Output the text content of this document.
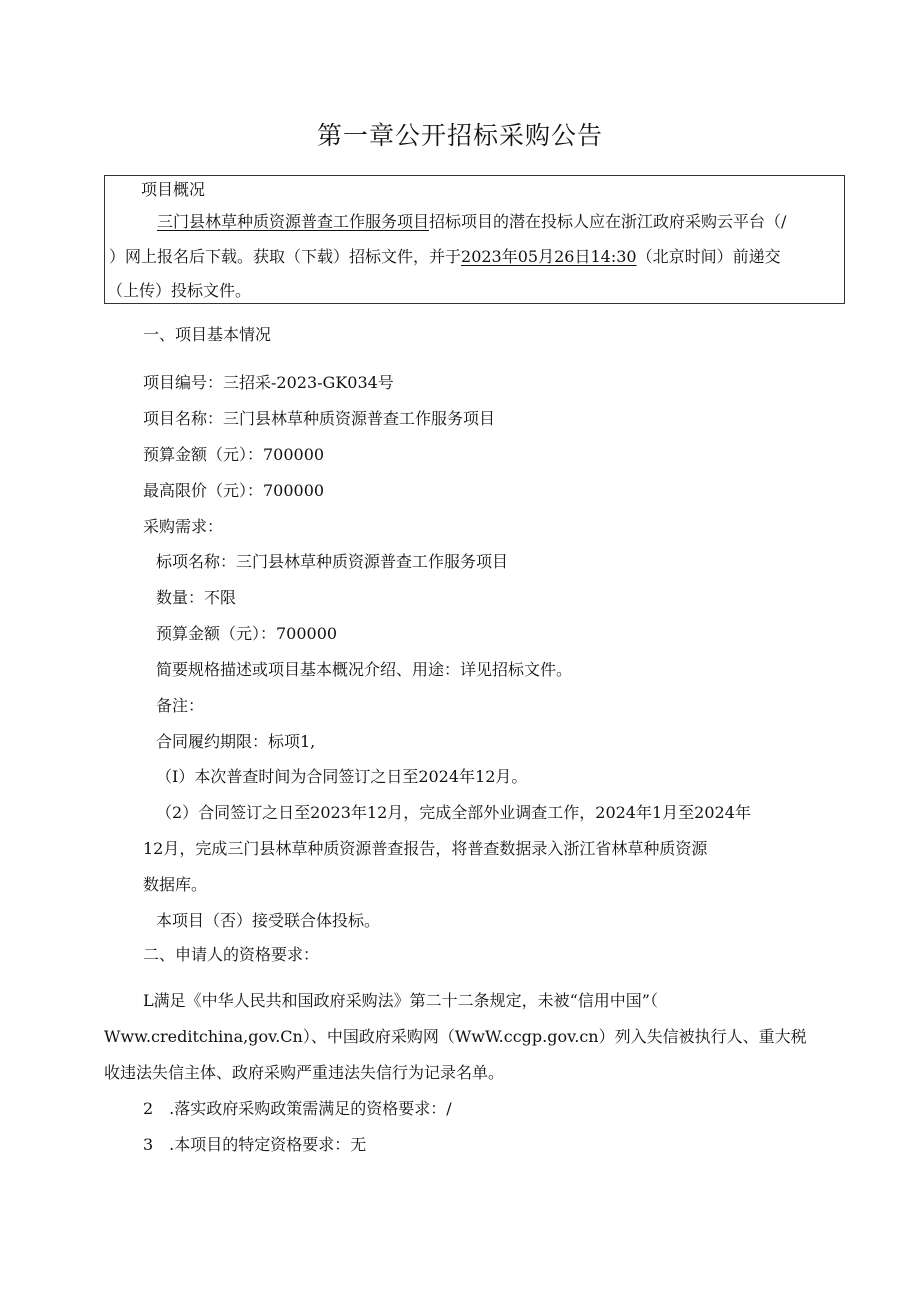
第一章公开招标采购公告
项目概况
三门县林草种质资源普查工作服务项目招标项目的潜在投标人应在浙江政府采购云平台（/
）网上报名后下载。获取（下载）招标文件，并于2023年05月26日14:30（北京时间）前递交
（上传）投标文件。
一、项目基本情况
项目编号：三招采-2023-GK034号
项目名称：三门县林草种质资源普查工作服务项目
预算金额（元）：700000
最高限价（元）：700000
采购需求：
标项名称：三门县林草种质资源普查工作服务项目
数量：不限
预算金额（元）：700000
简要规格描述或项目基本概况介绍、用途：详见招标文件。
备注：
合同履约期限：标项1,
（I）本次普查时间为合同签订之日至2024年12月。
（2）合同签订之日至2023年12月，完成全部外业调查工作，2024年1月至2024年
12月，完成三门县林草种质资源普查报告，将普查数据录入浙江省林草种质资源
数据库。
本项目（否）接受联合体投标。
二、申请人的资格要求：
L满足《中华人民共和国政府采购法》第二十二条规定，未被“信用中国”（
Www.creditchina,gov.Cn）、中国政府采购网（WwW.ccgp.gov.cn）列入失信被执行人、重大税
收违法失信主体、政府采购严重违法失信行为记录名单。
2　.落实政府采购政策需满足的资格要求：/
3　.本项目的特定资格要求：无
